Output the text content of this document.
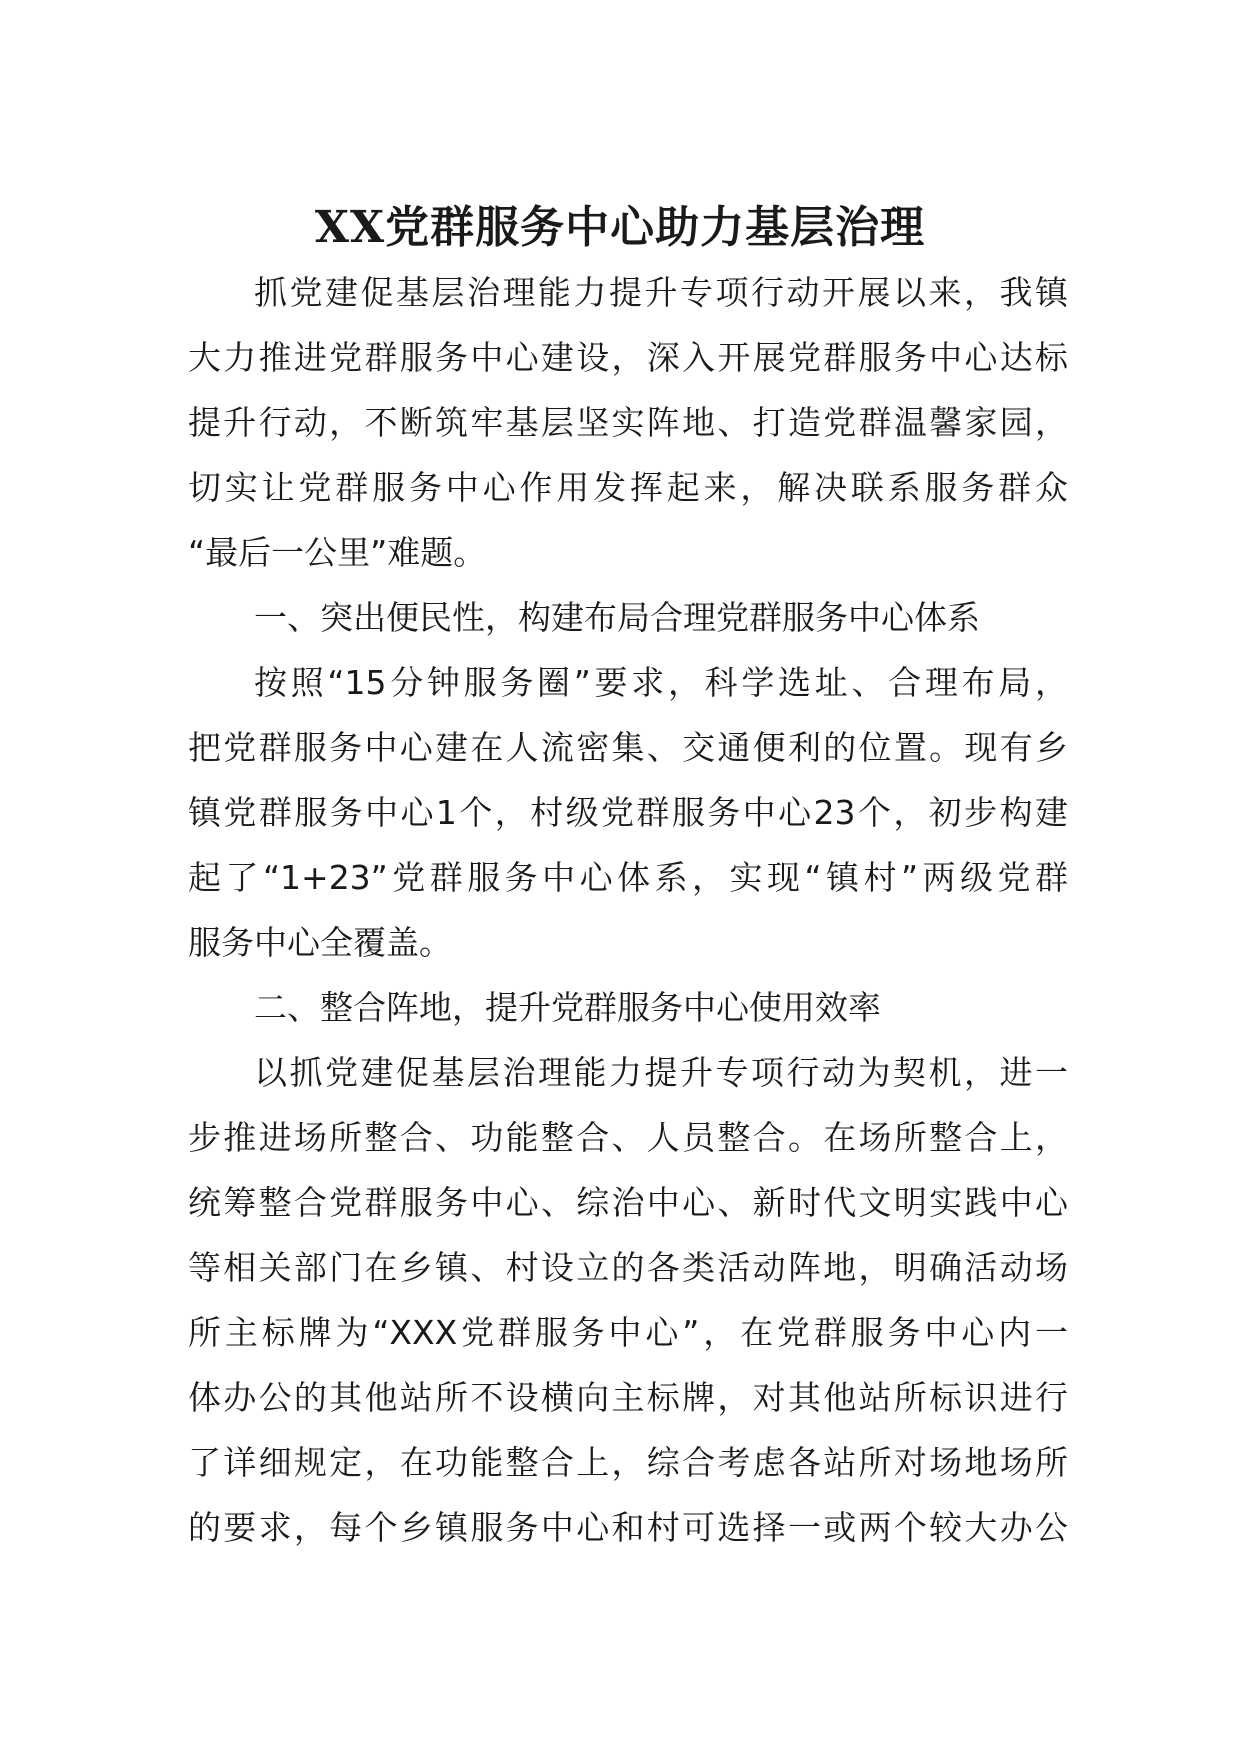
XX党群服务中心助力基层治理
抓党建促基层治理能力提升专项行动开展以来，我镇
大力推进党群服务中心建设，深入开展党群服务中心达标
提升行动，不断筑牢基层坚实阵地、打造党群温馨家园，
切实让党群服务中心作用发挥起来，解决联系服务群众
“最后一公里”难题。
一、突出便民性，构建布局合理党群服务中心体系
按照“15分钟服务圈”要求，科学选址、合理布局，
把党群服务中心建在人流密集、交通便利的位置。现有乡
镇党群服务中心1个，村级党群服务中心23个，初步构建
起了“1+23”党群服务中心体系，实现“镇村”两级党群
服务中心全覆盖。
二、整合阵地，提升党群服务中心使用效率
以抓党建促基层治理能力提升专项行动为契机，进一
步推进场所整合、功能整合、人员整合。在场所整合上，
统筹整合党群服务中心、综治中心、新时代文明实践中心
等相关部门在乡镇、村设立的各类活动阵地，明确活动场
所主标牌为“XXX党群服务中心”，在党群服务中心内一
体办公的其他站所不设横向主标牌，对其他站所标识进行
了详细规定，在功能整合上，综合考虑各站所对场地场所
的要求，每个乡镇服务中心和村可选择一或两个较大办公
